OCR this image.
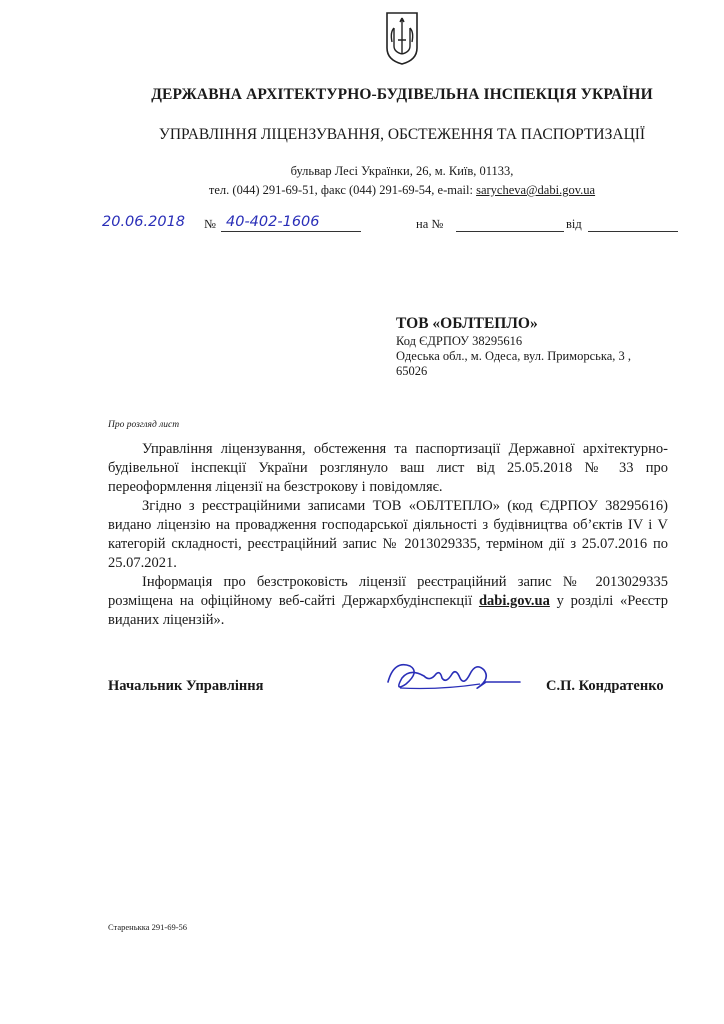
ДЕРЖАВНА АРХІТЕКТУРНО-БУДІВЕЛЬНА ІНСПЕКЦІЯ УКРАЇНИ
УПРАВЛІННЯ ЛІЦЕНЗУВАННЯ, ОБСТЕЖЕННЯ ТА ПАСПОРТИЗАЦІЇ
бульвар Лесі Українки, 26, м. Київ, 01133,
тел. (044) 291-69-51, факс (044) 291-69-54, e-mail: sarycheva@dabi.gov.ua
20.06.2018 № 40-402-1606	на №	від
ТОВ «ОБЛТЕПЛО»
Код ЄДРПОУ 38295616
Одеська обл., м. Одеса, вул. Приморська, 3 ,
65026
Про розгляд лист

Управління ліцензування, обстеження та паспортизації Державної архітектурно-будівельної інспекції України розглянуло ваш лист від 25.05.2018 № 33 про переоформлення ліцензії на безстрокову і повідомляє.

Згідно з реєстраційними записами ТОВ «ОБЛТЕПЛО» (код ЄДРПОУ 38295616) видано ліцензію на провадження господарської діяльності з будівництва об’єктів IV і V категорій складності, реєстраційний запис № 2013029335, терміном дії з 25.07.2016 по 25.07.2021.

Інформація про безстроковість ліцензії реєстраційний запис № 2013029335 розміщена на офіційному веб-сайті Держархбудінспекції dabi.gov.ua у розділі «Реєстр виданих ліцензій».

Начальник Управління	С.П. Кондратенко
Старенькка 291-69-56
